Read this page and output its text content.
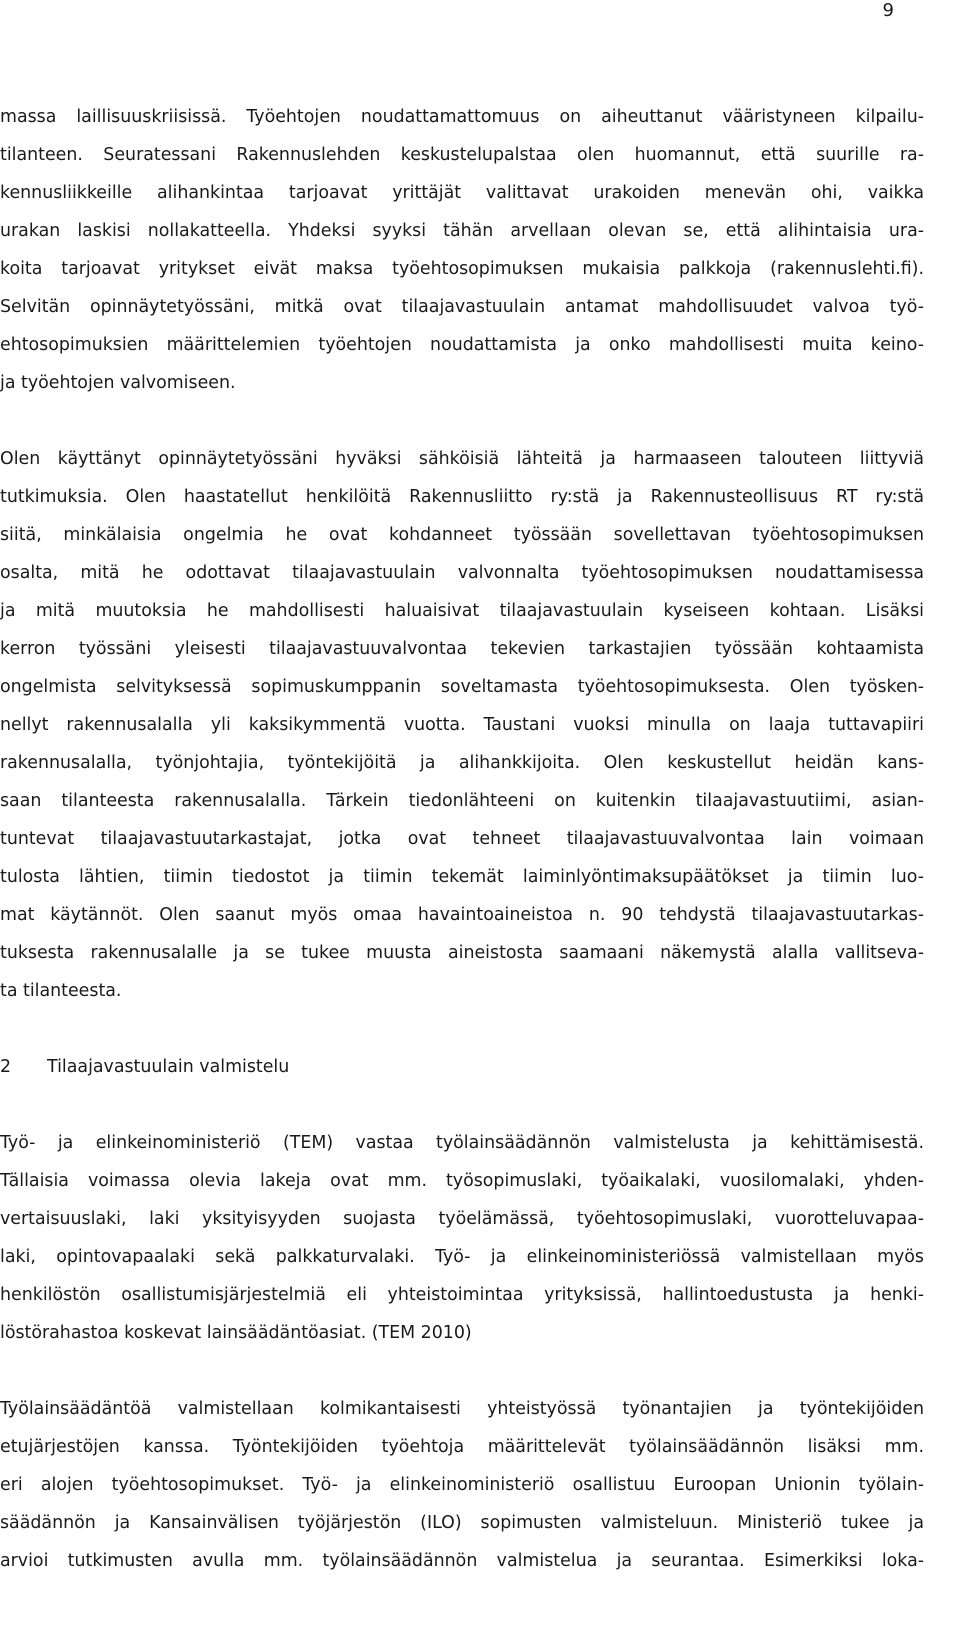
9
massa laillisuuskriisissä. Työehtojen noudattamattomuus on aiheuttanut vääristyneen kilpailu-
tilanteen. Seuratessani Rakennuslehden keskustelupalstaa olen huomannut, että suurille ra-
kennusliikkeille alihankintaa tarjoavat yrittäjät valittavat urakoiden menevän ohi, vaikka
urakan laskisi nollakatteella. Yhdeksi syyksi tähän arvellaan olevan se, että alihintaisia ura-
koita tarjoavat yritykset eivät maksa työehtosopimuksen mukaisia palkkoja (rakennuslehti.fi).
Selvitän opinnäytetyössäni, mitkä ovat tilaajavastuulain antamat mahdollisuudet valvoa työ-
ehtosopimuksien määrittelemien työehtojen noudattamista ja onko mahdollisesti muita keino-
ja työehtojen valvomiseen.
Olen käyttänyt opinnäytetyössäni hyväksi sähköisiä lähteitä ja harmaaseen talouteen liittyviä
tutkimuksia. Olen haastatellut henkilöitä Rakennusliitto ry:stä ja Rakennusteollisuus RT ry:stä
siitä, minkälaisia ongelmia he ovat kohdanneet työssään sovellettavan työehtosopimuksen
osalta, mitä he odottavat tilaajavastuulain valvonnalta työehtosopimuksen noudattamisessa
ja mitä muutoksia he mahdollisesti haluaisivat tilaajavastuulain kyseiseen kohtaan. Lisäksi
kerron työssäni yleisesti tilaajavastuuvalvontaa tekevien tarkastajien työssään kohtaamista
ongelmista selvityksessä sopimuskumppanin soveltamasta työehtosopimuksesta. Olen työsken-
nellyt rakennusalalla yli kaksikymmentä vuotta. Taustani vuoksi minulla on laaja tuttavapiiri
rakennusalalla, työnjohtajia, työntekijöitä ja alihankkijoita. Olen keskustellut heidän kans-
saan tilanteesta rakennusalalla. Tärkein tiedonlähteeni on kuitenkin tilaajavastuutiimi, asian-
tuntevat tilaajavastuutarkastajat, jotka ovat tehneet tilaajavastuuvalvontaa lain voimaan
tulosta lähtien, tiimin tiedostot ja tiimin tekemät laiminlyöntimaksupäätökset ja tiimin luo-
mat käytännöt. Olen saanut myös omaa havaintoaineistoa n. 90 tehdystä tilaajavastuutarkas-
tuksesta rakennusalalle ja se tukee muusta aineistosta saamaani näkemystä alalla vallitseva-
ta tilanteesta.
2 Tilaajavastuulain valmistelu
Työ- ja elinkeinoministeriö (TEM) vastaa työlainsäädännön valmistelusta ja kehittämisestä.
Tällaisia voimassa olevia lakeja ovat mm. työsopimuslaki, työaikalaki, vuosilomalaki, yhden-
vertaisuuslaki, laki yksityisyyden suojasta työelämässä, työehtosopimuslaki, vuorotteluvapaa-
laki, opintovapaalaki sekä palkkaturvalaki. Työ- ja elinkeinoministeriössä valmistellaan myös
henkilöstön osallistumisjärjestelmiä eli yhteistoimintaa yrityksissä, hallintoedustusta ja henki-
löstörahastoa koskevat lainsäädäntöasiat. (TEM 2010)
Työlainsäädäntöä valmistellaan kolmikantaisesti yhteistyössä työnantajien ja työntekijöiden
etujärjestöjen kanssa. Työntekijöiden työehtoja määrittelevät työlainsäädännön lisäksi mm.
eri alojen työehtosopimukset. Työ- ja elinkeinoministeriö osallistuu Euroopan Unionin työlain-
säädännön ja Kansainvälisen työjärjestön (ILO) sopimusten valmisteluun. Ministeriö tukee ja
arvioi tutkimusten avulla mm. työlainsäädännön valmistelua ja seurantaa. Esimerkiksi loka-
